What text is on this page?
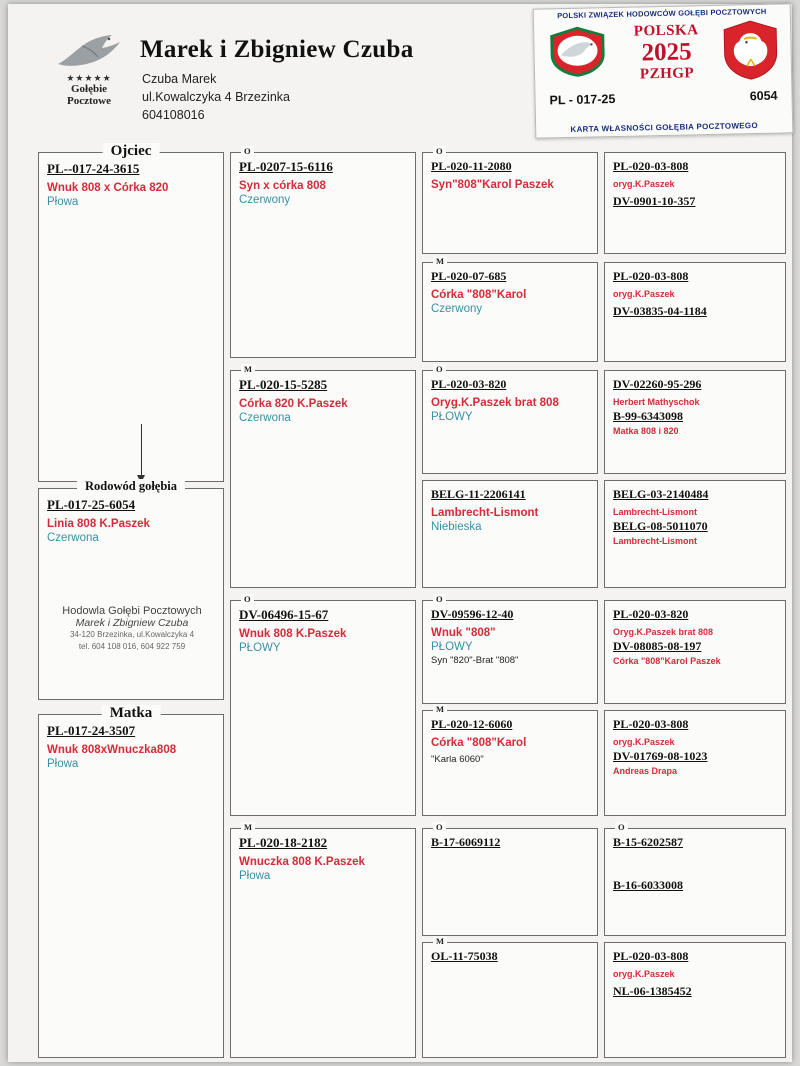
★★★★★
Gołębie
Pocztowe
Marek i Zbigniew Czuba
Czuba Marek
ul.Kowalczyka 4 Brzezinka
604108016
POLSKI ZWIĄZEK HODOWCÓW GOŁĘBI POCZTOWYCH
POLSKA
2025
PZHGP
PL - 017-25	6054
KARTA WŁASNOŚCI GOŁĘBIA POCZTOWEGO
Ojciec
PL--017-24-3615
Wnuk 808 x Córka 820
Płowa
Rodowód gołębia
PL-017-25-6054
Linia 808 K.Paszek
Czerwona
Hodowla Gołębi Pocztowych
Marek i Zbigniew Czuba
34-120 Brzezinka, ul.Kowalczyka 4
tel. 604 108 016, 604 922 759
Matka
PL-017-24-3507
Wnuk 808xWnuczka808
Płowa
O
PL-0207-15-6116
Syn x córka 808
Czerwony
M
PL-020-15-5285
Córka 820 K.Paszek
Czerwona
O
DV-06496-15-67
Wnuk 808 K.Paszek
PŁOWY
M
PL-020-18-2182
Wnuczka 808 K.Paszek
Płowa
O
PL-020-11-2080
Syn"808"Karol Paszek
M
PL-020-07-685
Córka "808"Karol
Czerwony
O
PL-020-03-820
Oryg.K.Paszek brat 808
PŁOWY
BELG-11-2206141
Lambrecht-Lismont
Niebieska
O
DV-09596-12-40
Wnuk "808"
PŁOWY
Syn "820"-Brat "808"
M
PL-020-12-6060
Córka "808"Karol
"Karla 6060"
O
B-17-6069112
M
OL-11-75038
PL-020-03-808
oryg.K.Paszek
DV-0901-10-357
PL-020-03-808
oryg.K.Paszek
DV-03835-04-1184
DV-02260-95-296
Herbert Mathyschok
B-99-6343098
Matka 808 i 820
BELG-03-2140484
Lambrecht-Lismont
BELG-08-5011070
Lambrecht-Lismont
PL-020-03-820
Oryg.K.Paszek brat 808
DV-08085-08-197
Córka "808"Karol Paszek
PL-020-03-808
oryg.K.Paszek
DV-01769-08-1023
Andreas Drapa
O
B-15-6202587
B-16-6033008
PL-020-03-808
oryg.K.Paszek
NL-06-1385452
